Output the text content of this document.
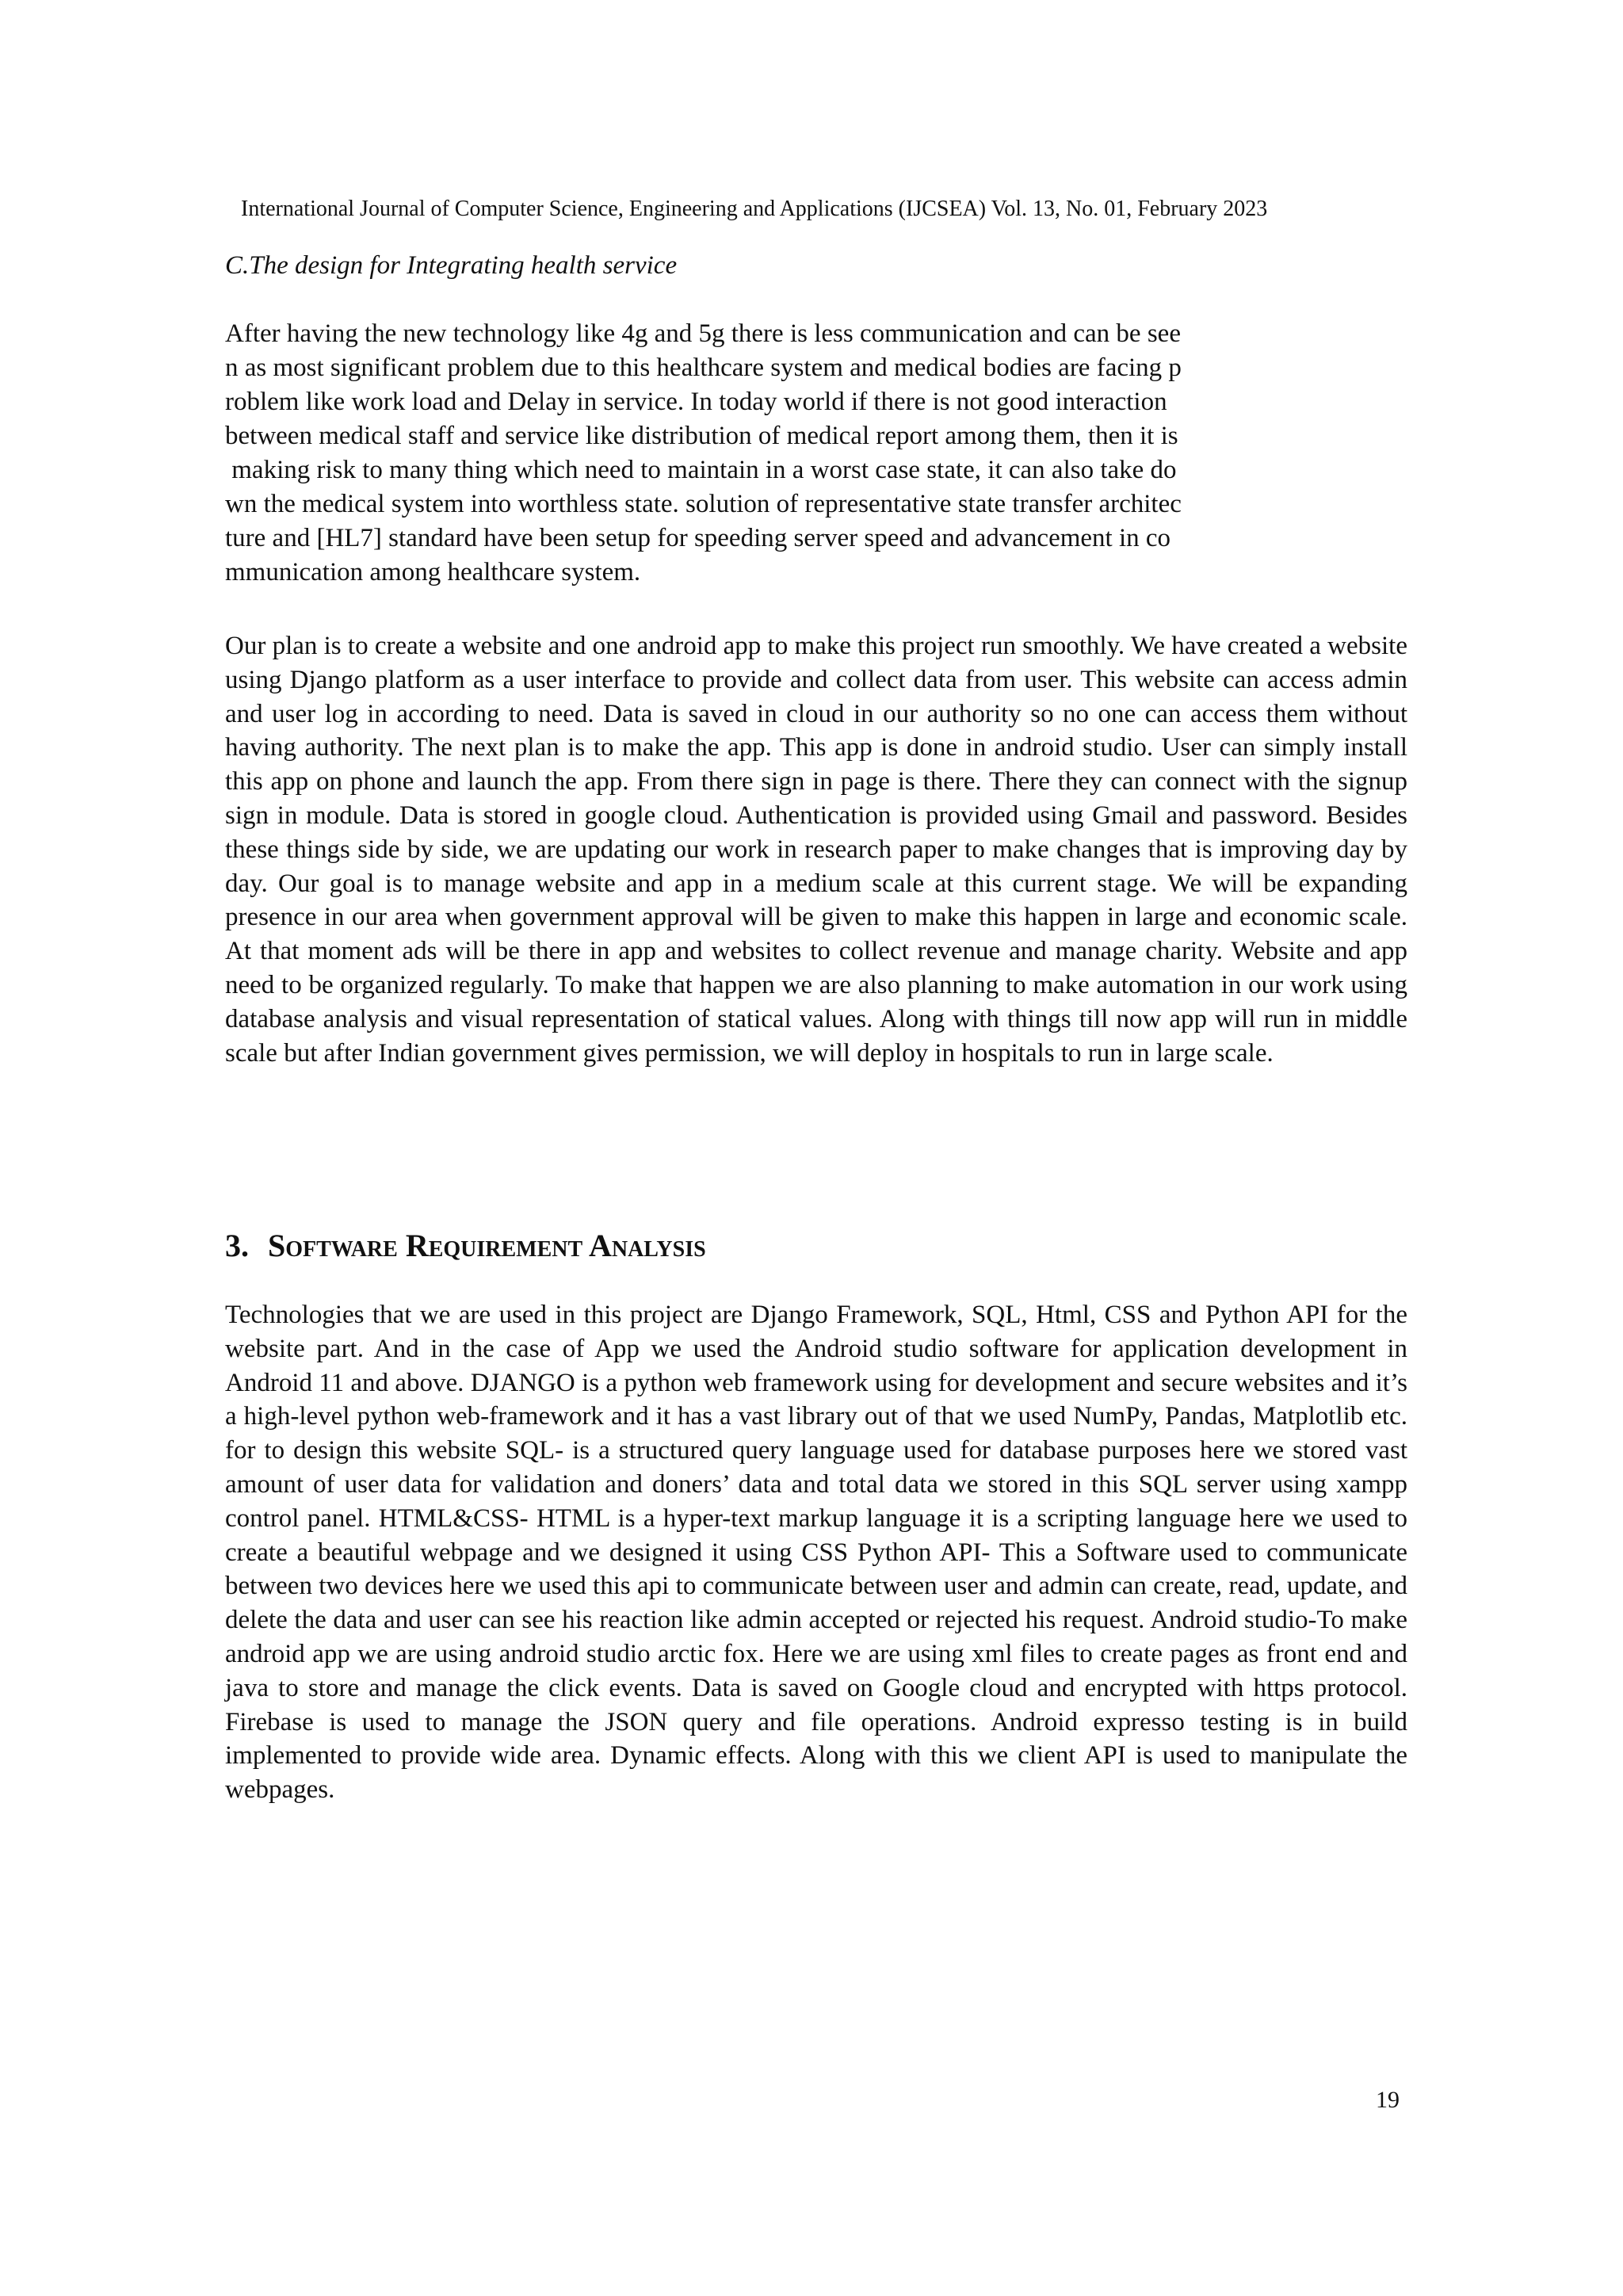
International Journal of Computer Science, Engineering and Applications (IJCSEA) Vol. 13, No. 01, February 2023
C.The design for Integrating health service
After having the new technology like 4g and 5g there is less communication and can be see
n as most significant problem due to this healthcare system and medical bodies are facing p
roblem like work load and Delay in service. In today world if there is not good interaction
between medical staff and service like distribution of medical report among them, then it is
making risk to many thing which need to maintain in a worst case state, it can also take do
wn the medical system into worthless state. solution of representative state transfer architec
ture and [HL7] standard have been setup for speeding server speed and advancement in co
mmunication among healthcare system.
Our plan is to create a website and one android app to make this project run smoothly. We have created a website using Django platform as a user interface to provide and collect data from user. This website can access admin and user log in according to need. Data is saved in cloud in our authority so no one can access them without having authority. The next plan is to make the app. This app is done in android studio. User can simply install this app on phone and launch the app. From there sign in page is there. There they can connect with the signup sign in module. Data is stored in google cloud. Authentication is provided using Gmail and password. Besides these things side by side, we are updating our work in research paper to make changes that is improving day by day. Our goal is to manage website and app in a medium scale at this current stage. We will be expanding presence in our area when government approval will be given to make this happen in large and economic scale. At that moment ads will be there in app and websites to collect revenue and manage charity. Website and app need to be organized regularly. To make that happen we are also planning to make automation in our work using database analysis and visual representation of statical values. Along with things till now app will run in middle scale but after Indian government gives permission, we will deploy in hospitals to run in large scale.
3. Software Requirement Analysis
Technologies that we are used in this project are Django Framework, SQL, Html, CSS and Python API for the website part. And in the case of App we used the Android studio software for application development in Android 11 and above. DJANGO is a python web framework using for development and secure websites and it’s a high-level python web-framework and it has a vast library out of that we used NumPy, Pandas, Matplotlib etc. for to design this website SQL- is a structured query language used for database purposes here we stored vast amount of user data for validation and doners’ data and total data we stored in this SQL server using xampp control panel. HTML&CSS- HTML is a hyper-text markup language it is a scripting language here we used to create a beautiful webpage and we designed it using CSS Python API- This a Software used to communicate between two devices here we used this api to communicate between user and admin can create, read, update, and delete the data and user can see his reaction like admin accepted or rejected his request. Android studio-To make android app we are using android studio arctic fox. Here we are using xml files to create pages as front end and java to store and manage the click events. Data is saved on Google cloud and encrypted with https protocol. Firebase is used to manage the JSON query and file operations. Android expresso testing is in build implemented to provide wide area. Dynamic effects. Along with this we client API is used to manipulate the webpages.
19
